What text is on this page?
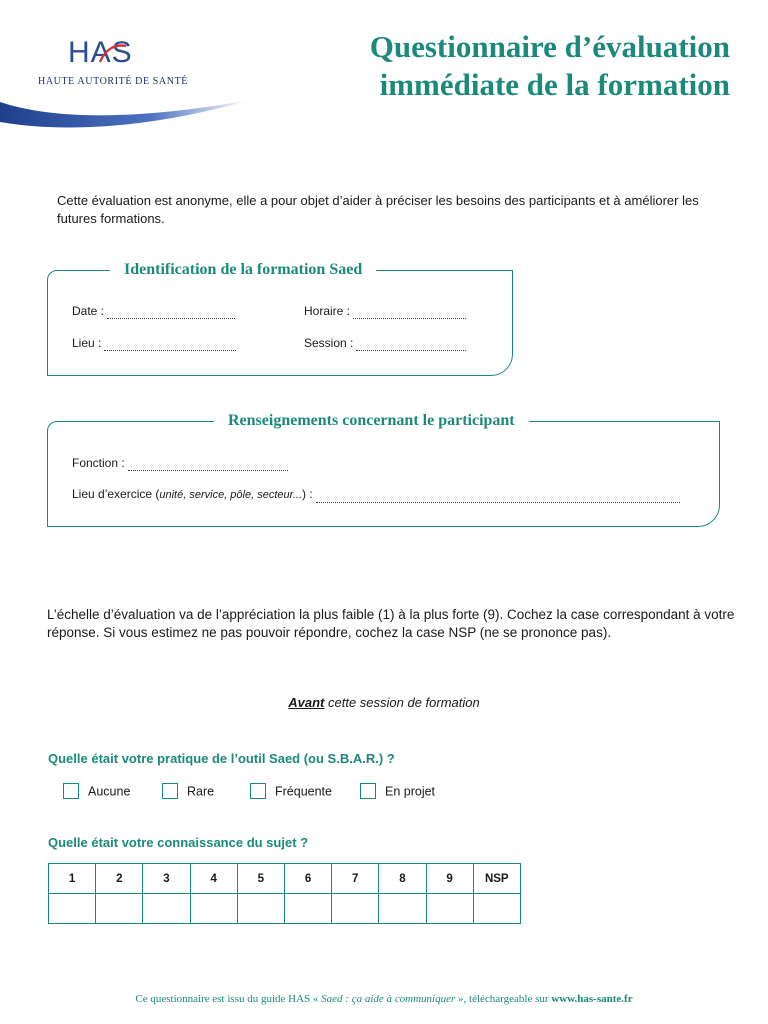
HAS
HAUTE AUTORITÉ DE SANTÉ
Questionnaire d’évaluation
immédiate de la formation
Cette évaluation est anonyme, elle a pour objet d’aider à préciser les besoins des participants et à améliorer les futures formations.
Identification de la formation Saed
Date :	Horaire :
Lieu :	Session :
Renseignements concernant le participant
Fonction :
Lieu d’exercice (unité, service, pôle, secteur...) :
L’échelle d’évaluation va de l’appréciation la plus faible (1) à la plus forte (9). Cochez la case correspondant à votre réponse. Si vous estimez ne pas pouvoir répondre, cochez la case NSP (ne se prononce pas).
Avant cette session de formation
Quelle était votre pratique de l’outil Saed (ou S.B.A.R.) ?
Aucune	Rare	Fréquente	En projet
Quelle était votre connaissance du sujet ?
1	2	3	4	5	6	7	8	9	NSP

Ce questionnaire est issu du guide HAS « Saed : ça aide à communiquer », téléchargeable sur www.has-sante.fr
